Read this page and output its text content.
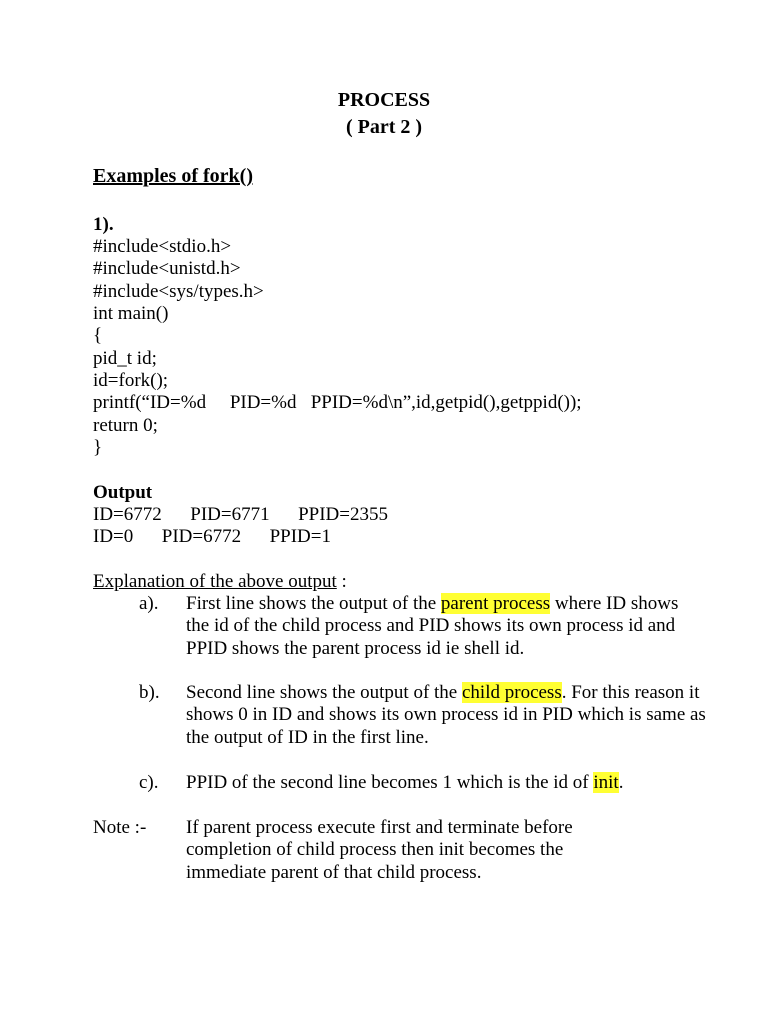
PROCESS
( Part 2 )
Examples of fork()
1).
#include<stdio.h>
#include<unistd.h>
#include<sys/types.h>
int main()
{
pid_t id;
id=fork();
printf(“ID=%d     PID=%d   PPID=%d\n”,id,getpid(),getppid());
return 0;
}
Output
ID=6772      PID=6771      PPID=2355
ID=0      PID=6772      PPID=1
Explanation of the above output :
a). First line shows the output of the parent process where ID shows the id of the child process and PID shows its own process id and PPID shows the parent process id ie shell id.
b). Second line shows the output of the child process. For this reason it shows 0 in ID and shows its own process id in PID which is same as the output of ID in the first line.
c). PPID of the second line becomes 1 which is the id of init.
Note :- If parent process execute first and terminate before completion of child process then init becomes the immediate parent of that child process.
